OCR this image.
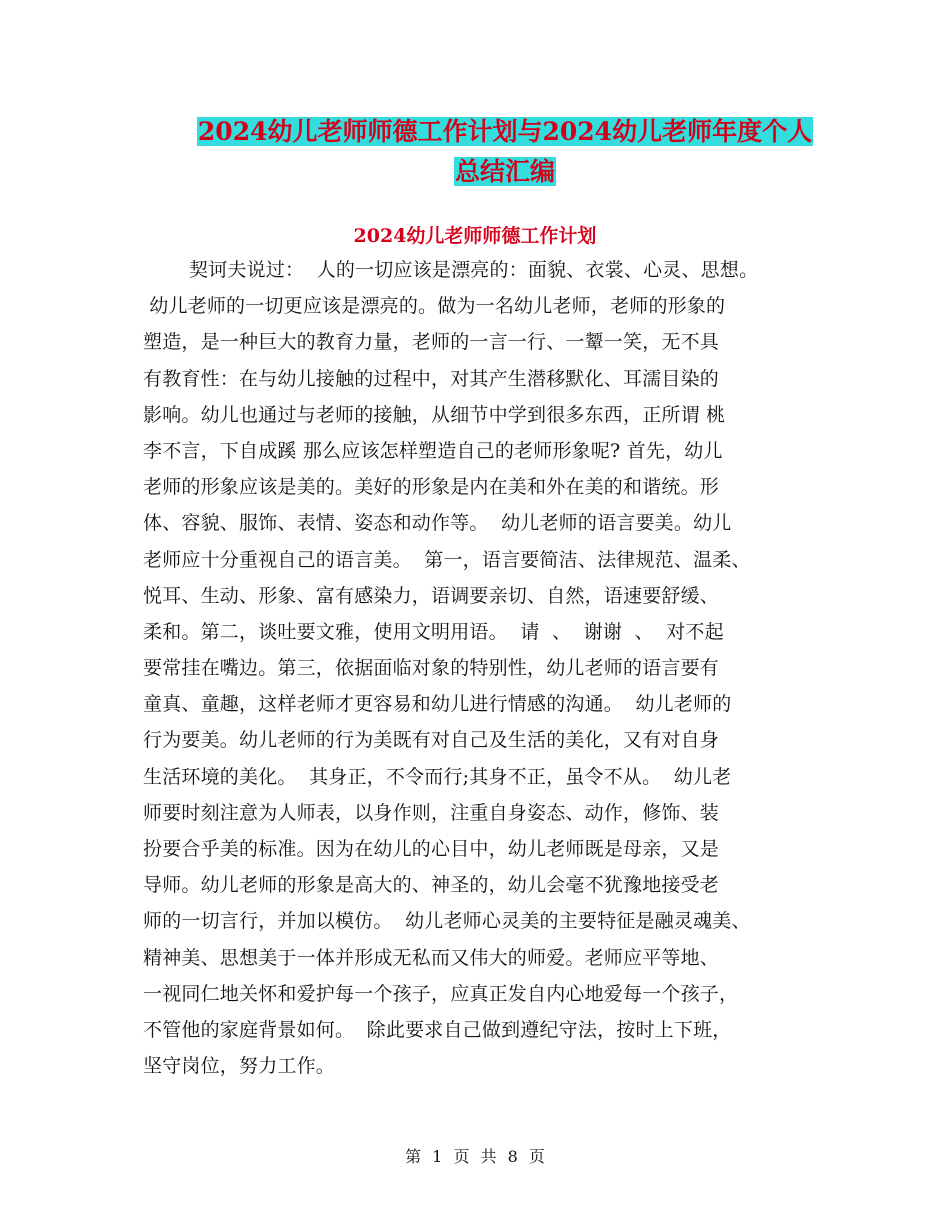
2024幼儿老师师德工作计划与2024幼儿老师年度个人
总结汇编
2024幼儿老师师德工作计划
契诃夫说过：  人的一切应该是漂亮的：面貌、衣裳、心灵、思想。
幼儿老师的一切更应该是漂亮的。做为一名幼儿老师，老师的形象的
塑造，是一种巨大的教育力量，老师的一言一行、一颦一笑，无不具
有教育性：在与幼儿接触的过程中，对其产生潜移默化、耳濡目染的
影响。幼儿也通过与老师的接触，从细节中学到很多东西，正所谓 桃
李不言，下自成蹊 那么应该怎样塑造自己的老师形象呢? 首先，幼儿
老师的形象应该是美的。美好的形象是内在美和外在美的和谐统。形
体、容貌、服饰、表情、姿态和动作等。  幼儿老师的语言要美。幼儿
老师应十分重视自己的语言美。  第一，语言要简洁、法律规范、温柔、
悦耳、生动、形象、富有感染力，语调要亲切、自然，语速要舒缓、
柔和。第二，谈吐要文雅，使用文明用语。  请  、  谢谢  、  对不起
要常挂在嘴边。第三，依据面临对象的特别性，幼儿老师的语言要有
童真、童趣，这样老师才更容易和幼儿进行情感的沟通。  幼儿老师的
行为要美。幼儿老师的行为美既有对自己及生活的美化，又有对自身
生活环境的美化。  其身正，不令而行;其身不正，虽令不从。  幼儿老
师要时刻注意为人师表，以身作则，注重自身姿态、动作，修饰、装
扮要合乎美的标准。因为在幼儿的心目中，幼儿老师既是母亲，又是
导师。幼儿老师的形象是高大的、神圣的，幼儿会毫不犹豫地接受老
师的一切言行，并加以模仿。  幼儿老师心灵美的主要特征是融灵魂美、
精神美、思想美于一体并形成无私而又伟大的师爱。老师应平等地、
一视同仁地关怀和爱护每一个孩子，应真正发自内心地爱每一个孩子，
不管他的家庭背景如何。  除此要求自己做到遵纪守法，按时上下班，
坚守岗位，努力工作。
第 1 页 共 8 页
